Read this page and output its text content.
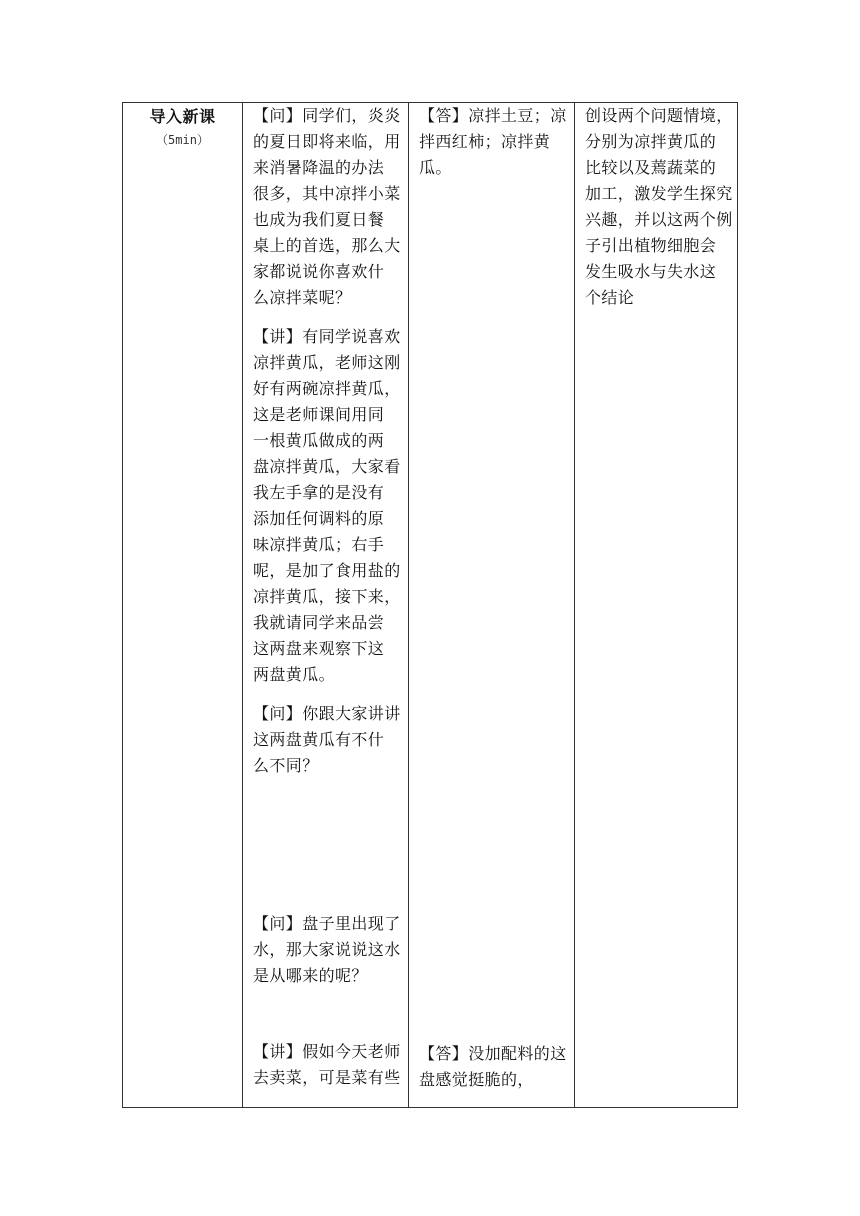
导入新课
（5min）
【问】同学们，炎炎
的夏日即将来临，用
来消暑降温的办法
很多，其中凉拌小菜
也成为我们夏日餐
桌上的首选，那么大
家都说说你喜欢什
么凉拌菜呢？
【讲】有同学说喜欢
凉拌黄瓜，老师这刚
好有两碗凉拌黄瓜，
这是老师课间用同
一根黄瓜做成的两
盘凉拌黄瓜，大家看
我左手拿的是没有
添加任何调料的原
味凉拌黄瓜；右手
呢，是加了食用盐的
凉拌黄瓜，接下来，
我就请同学来品尝
这两盘来观察下这
两盘黄瓜。
【问】你跟大家讲讲
这两盘黄瓜有不什
么不同？
【问】盘子里出现了
水，那大家说说这水
是从哪来的呢？
【讲】假如今天老师
去卖菜，可是菜有些
【答】凉拌土豆；凉
拌西红柿；凉拌黄
瓜。
【答】没加配料的这
盘感觉挺脆的，
创设两个问题情境，
分别为凉拌黄瓜的
比较以及蔫蔬菜的
加工，激发学生探究
兴趣，并以这两个例
子引出植物细胞会
发生吸水与失水这
个结论
